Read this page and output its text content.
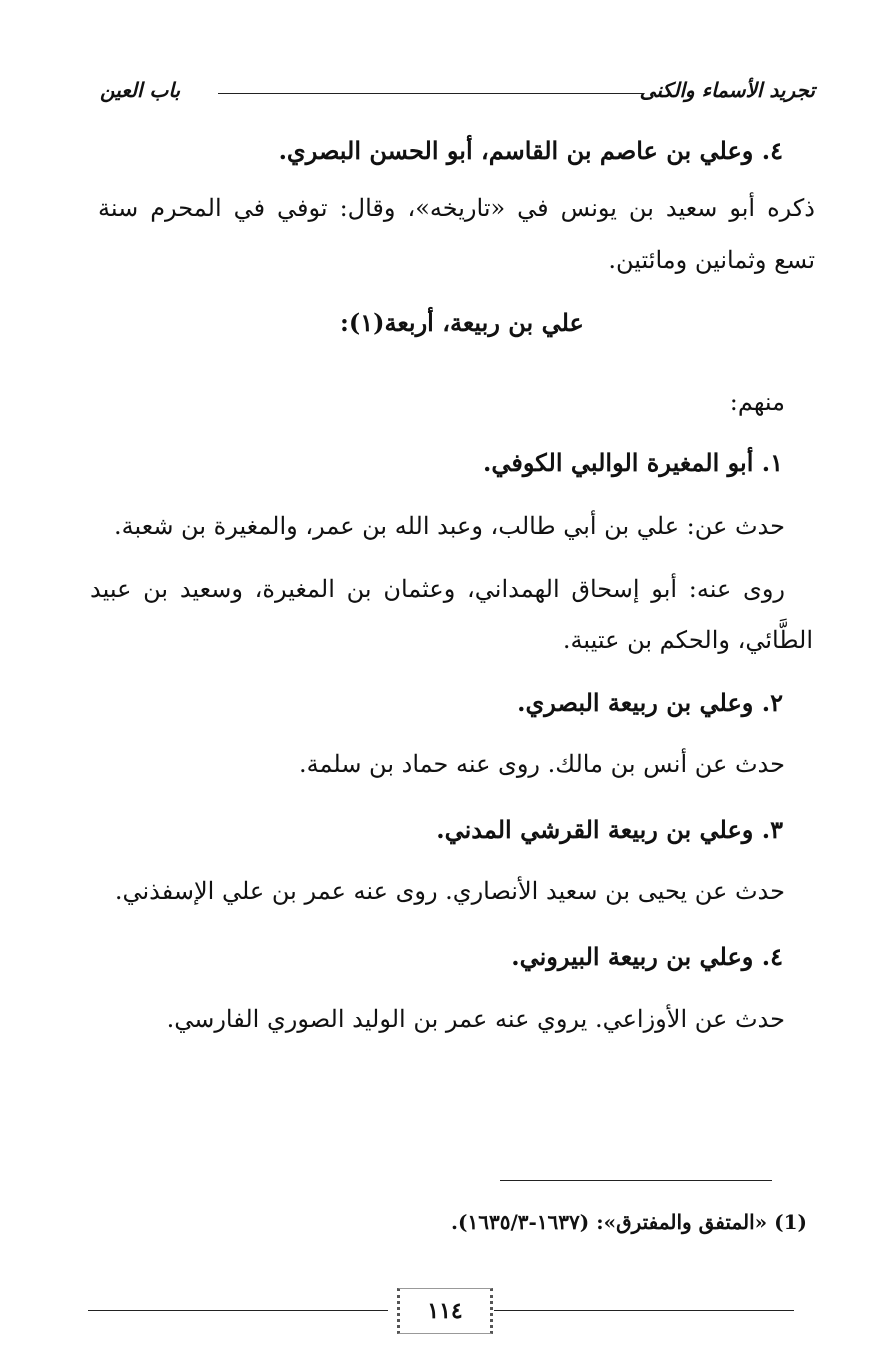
تجريد الأسماء والكنى
باب العين
٤. وعلي بن عاصم بن القاسم، أبو الحسن البصري.
ذكره أبو سعيد بن يونس في «تاريخه»، وقال: توفي في المحرم سنة
تسع وثمانين ومائتين.
علي بن ربيعة، أربعة(١):
منهم:
١. أبو المغيرة الوالبي الكوفي.
حدث عن: علي بن أبي طالب، وعبد الله بن عمر، والمغيرة بن شعبة.
روى عنه: أبو إسحاق الهمداني، وعثمان بن المغيرة، وسعيد بن عبيد
الطَّائي، والحكم بن عتيبة.
٢. وعلي بن ربيعة البصري.
حدث عن أنس بن مالك. روى عنه حماد بن سلمة.
٣. وعلي بن ربيعة القرشي المدني.
حدث عن يحيى بن سعيد الأنصاري. روى عنه عمر بن علي الإسفذني.
٤. وعلي بن ربيعة البيروني.
حدث عن الأوزاعي. يروي عنه عمر بن الوليد الصوري الفارسي.
(1) «المتفق والمفترق»: (١٦٣٧-١٦٣٥/٣).
١١٤
